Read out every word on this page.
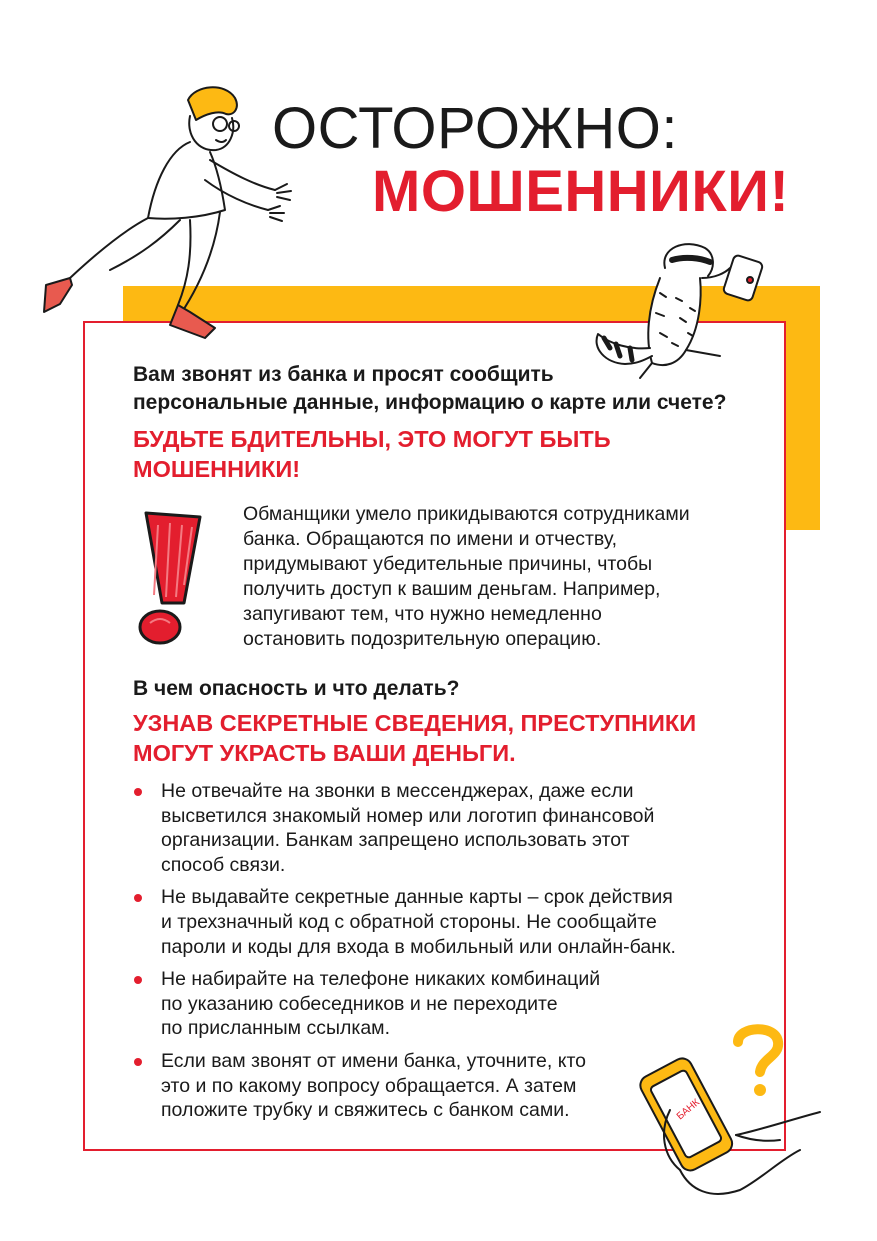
ОСТОРОЖНО:
МОШЕННИКИ!
Вам звонят из банка и просят сообщить
персональные данные, информацию о карте или счете?
БУДЬТЕ БДИТЕЛЬНЫ, ЭТО МОГУТ БЫТЬ
МОШЕННИКИ!
Обманщики умело прикидываются сотрудниками
банка. Обращаются по имени и отчеству,
придумывают убедительные причины, чтобы
получить доступ к вашим деньгам. Например,
запугивают тем, что нужно немедленно
остановить подозрительную операцию.
В чем опасность и что делать?
УЗНАВ СЕКРЕТНЫЕ СВЕДЕНИЯ, ПРЕСТУПНИКИ
МОГУТ УКРАСТЬ ВАШИ ДЕНЬГИ.
Не отвечайте на звонки в мессенджерах, даже если
высветился знакомый номер или логотип финансовой
организации. Банкам запрещено использовать этот
способ связи.
Не выдавайте секретные данные карты – срок действия
и трехзначный код с обратной стороны. Не сообщайте
пароли и коды для входа в мобильный или онлайн-банк.
Не набирайте на телефоне никаких комбинаций
по указанию собеседников и не переходите
по присланным ссылкам.
Если вам звонят от имени банка, уточните, кто
это и по какому вопросу обращается. А затем
положите трубку и свяжитесь с банком сами.	БАНК
